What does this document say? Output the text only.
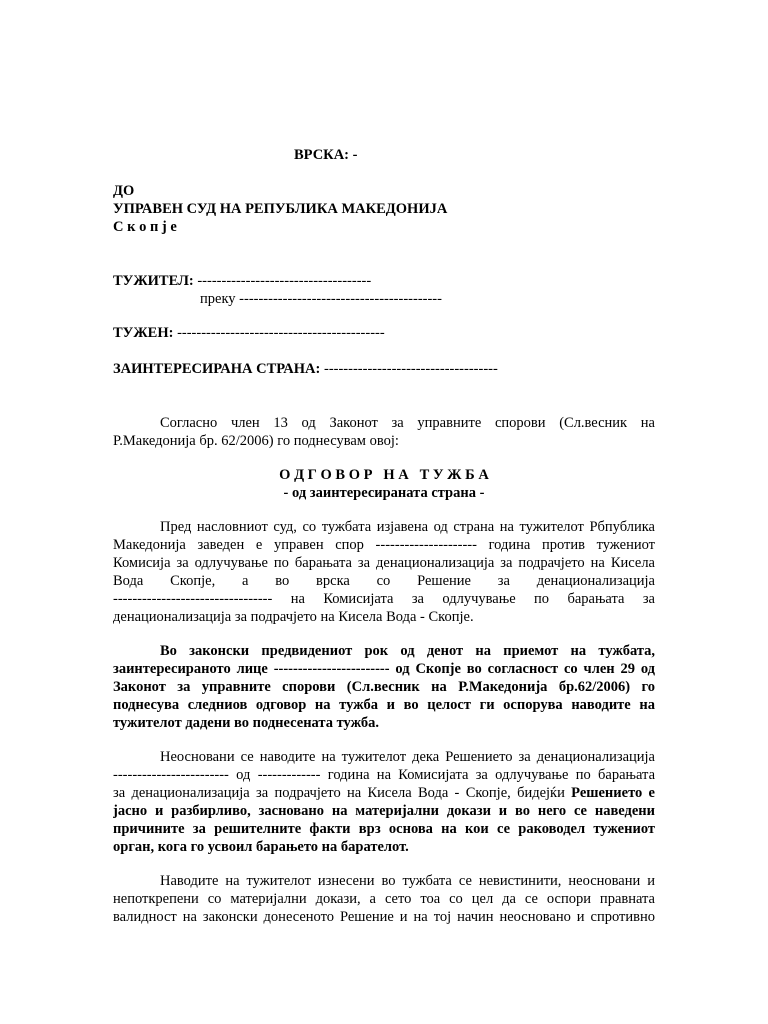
ВРСКА: -
ДО
УПРАВЕН СУД НА РЕПУБЛИКА МАКЕДОНИЈА
С к о п ј е
ТУЖИТЕЛ: ------------------------------------
преку ------------------------------------------
ТУЖЕН: -------------------------------------------
ЗАИНТЕРЕСИРАНА СТРАНА: ------------------------------------
Согласно член 13 од Законот за управните спорови (Сл.весник на
Р.Македонија бр. 62/2006) го поднесувам овој:
О Д Г О В О Р   Н А   Т У Ж Б А
- од заинтересираната страна -
Пред насловниот суд, со тужбата изјавена од страна на тужителот Рбпублика
Македонија заведен е управен спор --------------------- година против тужениот
Комисија за одлучување по барањата за денационализација за подрачјето на Кисела
Вода Скопје, а во врска со Решение за денационализација
--------------------------------- на Комисијата за одлучување по барањата за
денационализација за подрачјето на Кисела Вода - Скопје.
Во законски предвидениот рок од денот на приемот на тужбата,
заинтересираното лице ------------------------ од Скопје во согласност со член 29 од
Законот за управните спорови (Сл.весник на Р.Македонија бр.62/2006) го
поднесува следниов одговор на тужба и во целост ги оспорува наводите на
тужителот дадени во поднесената тужба.
Неосновани се наводите на тужителот дека Решението за денационализација
------------------------ од ------------- година на Комисијата за одлучување по барањата
за денационализација за подрачјето на Кисела Вода - Скопје, бидејќи Решението е
јасно и разбирливо, засновано на материјални докази и во него се наведени
причините за решителните факти врз основа на кои се раководел тужениот
орган, кога го усвоил барањето на барателот.
Наводите на тужителот изнесени во тужбата се невистинити, неосновани и
непоткрепени со материјални докази, а сето тоа со цел да се оспори правната
валидност на законски донесеното Решение и на тој начин неосновано и спротивно
